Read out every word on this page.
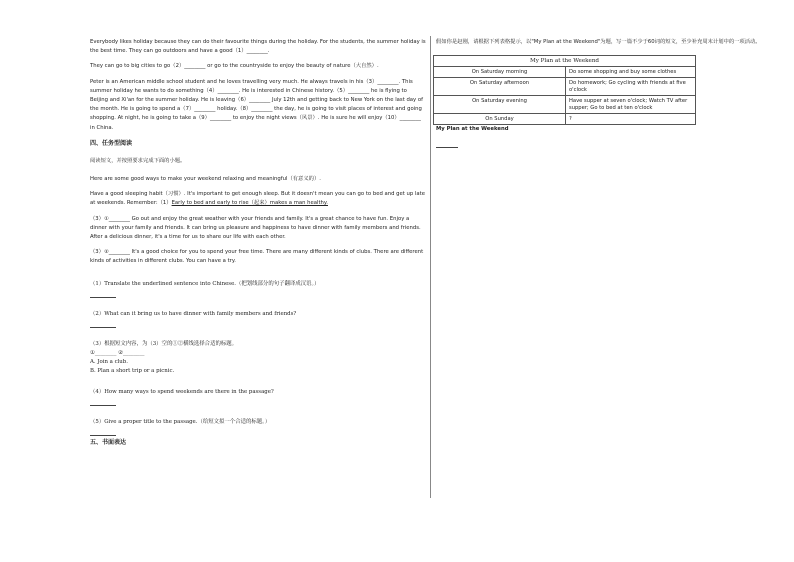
Everybody likes holiday because they can do their favourite things during the holiday. For the students, the summer holiday is the best time. They can go outdoors and have a good（1）________.

They can go to big cities to go（2）________ or go to the countryside to enjoy the beauty of nature（大自然）.

Peter is an American middle school student and he loves travelling very much. He always travels in his（3）________. This summer holiday he wants to do something（4）________. He is interested in Chinese history.（5）________ he is flying to Beijing and Xi'an for the summer holiday. He is leaving（6）________ July 12th and getting back to New York on the last day of the month. He is going to spend a（7）________ holiday.（8）________ the day, he is going to visit places of interest and going shopping. At night, he is going to take a（9）________ to enjoy the night views（风景）. He is sure he will enjoy（10）________ in China.

四、任务型阅读

阅读短文，并按照要求完成下面的小题。

Here are some good ways to make your weekend relaxing and meaningful（有意义的）.

Have a good sleeping habit（习惯）. It's important to get enough sleep. But it doesn't mean you can go to bed and get up late at weekends. Remember:（1）Early to bed and early to rise（起来）makes a man healthy.

（3）①________ Go out and enjoy the great weather with your friends and family. It's a great chance to have fun. Enjoy a dinner with your family and friends. It can bring us pleasure and happiness to have dinner with family members and friends. After a delicious dinner, it's a time for us to share our life with each other.

（3）②________ It's a good choice for you to spend your free time. There are many different kinds of clubs. There are different kinds of activities in different clubs. You can have a try.

（1）Translate the underlined sentence into Chinese.（把划线部分的句子翻译成汉语。）

（2）What can it bring us to have dinner with family members and friends?

（3）根据短文内容，为（3）空的①②横线选择合适的标题。

①________ ②________

A. Join a club.

B. Plan a short trip or a picnic.

（4）How many ways to spend weekends are there in the passage?

（5）Give a proper title to the passage.（给短文拟一个合适的标题。）

五、书面表达

假如你是赵刚，请根据下列表格提示，以"My Plan at the Weekend"为题，写一篇不少于60词的短文，至少补充周末计划中的一项活动。

My Plan at the Weekend	
On Saturday morning	Do some shopping and buy some clothes
On Saturday afternoon	Do homework; Go cycling with friends at five o'clock
On Saturday evening	Have supper at seven o'clock; Watch TV after supper; Go to bed at ten o'clock
On Sunday	?

My Plan at the Weekend
